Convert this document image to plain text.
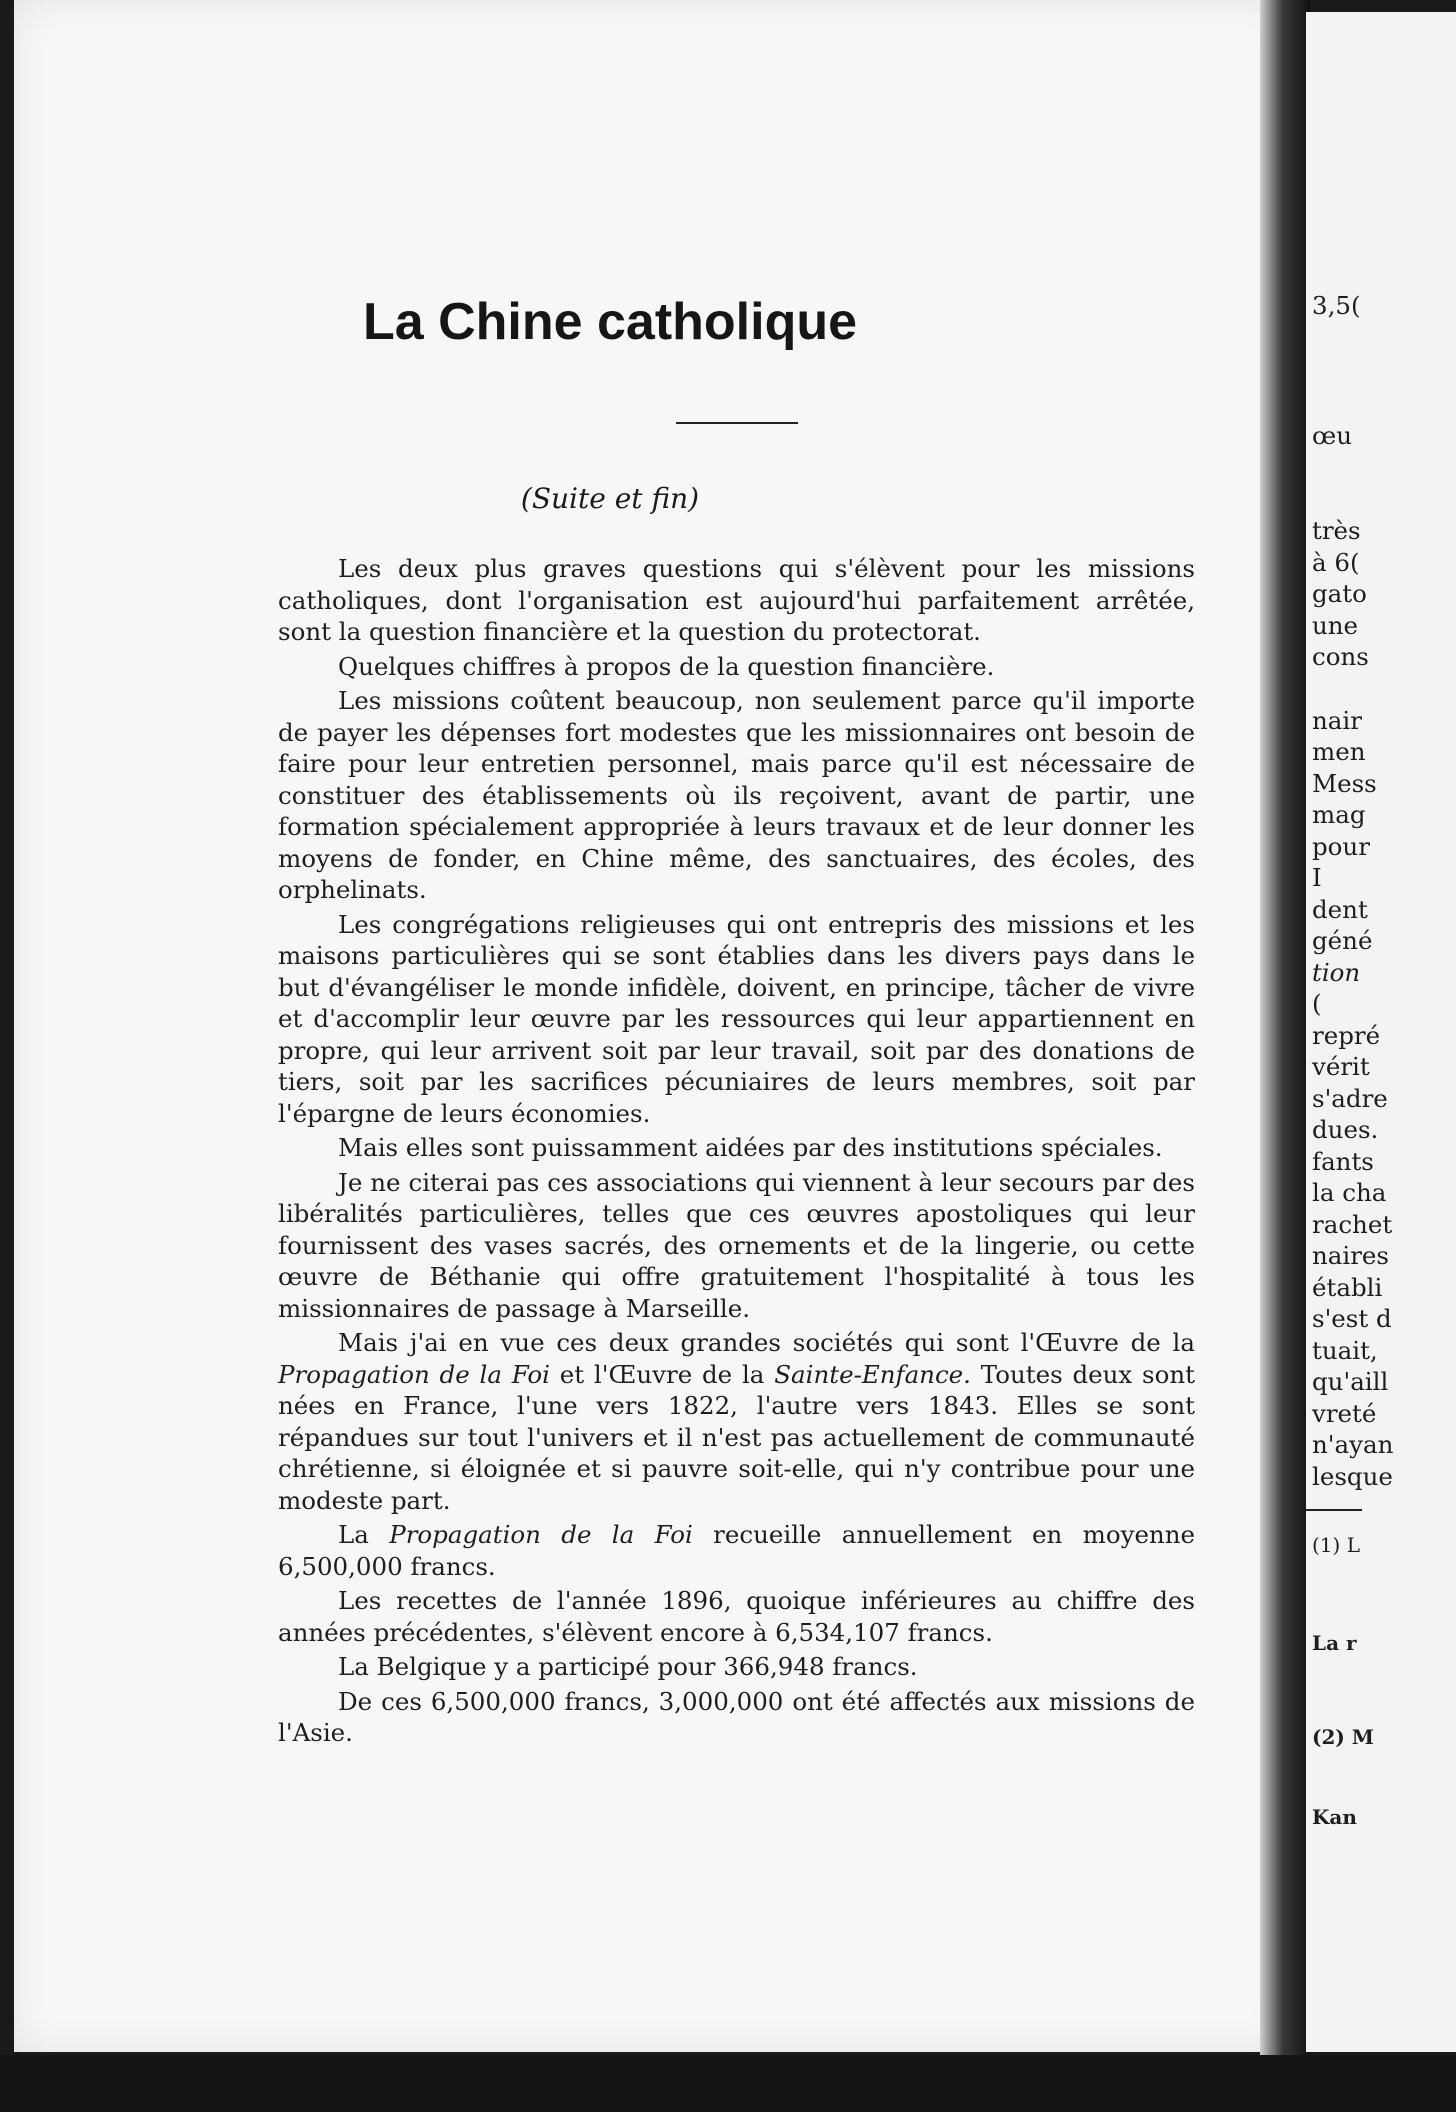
3,5(
œu
très
à 6(
gato
une
cons
nair
men
Mess
mag
pour
I
dent
géné
tion
(
repré
vérit
s'adre
dues.
fants
la cha
rachet
naires
établi
s'est d
tuait,
qu'aill
vreté
n'ayan
lesque
(1) L
La r
(2) M
Kan
La Chine catholique

(Suite et fin)

Les deux plus graves questions qui s'élèvent pour les missions catholiques, dont l'organisation est aujourd'hui parfaitement arrêtée, sont la question financière et la question du protectorat.

Quelques chiffres à propos de la question financière.

Les missions coûtent beaucoup, non seulement parce qu'il importe de payer les dépenses fort modestes que les missionnaires ont besoin de faire pour leur entretien personnel, mais parce qu'il est nécessaire de constituer des établissements où ils reçoivent, avant de partir, une formation spécialement appropriée à leurs travaux et de leur donner les moyens de fonder, en Chine même, des sanctuaires, des écoles, des orphelinats.

Les congrégations religieuses qui ont entrepris des missions et les maisons particulières qui se sont établies dans les divers pays dans le but d'évangéliser le monde infidèle, doivent, en principe, tâcher de vivre et d'accomplir leur œuvre par les ressources qui leur appartiennent en propre, qui leur arrivent soit par leur travail, soit par des donations de tiers, soit par les sacrifices pécuniaires de leurs membres, soit par l'épargne de leurs économies.

Mais elles sont puissamment aidées par des institutions spéciales.

Je ne citerai pas ces associations qui viennent à leur secours par des libéralités particulières, telles que ces œuvres apostoliques qui leur fournissent des vases sacrés, des ornements et de la lingerie, ou cette œuvre de Béthanie qui offre gratuitement l'hospitalité à tous les missionnaires de passage à Marseille.

Mais j'ai en vue ces deux grandes sociétés qui sont l'Œuvre de la Propagation de la Foi et l'Œuvre de la Sainte-Enfance. Toutes deux sont nées en France, l'une vers 1822, l'autre vers 1843. Elles se sont répandues sur tout l'univers et il n'est pas actuellement de communauté chrétienne, si éloignée et si pauvre soit-elle, qui n'y contribue pour une modeste part.

La Propagation de la Foi recueille annuellement en moyenne 6,500,000 francs.

Les recettes de l'année 1896, quoique inférieures au chiffre des années précédentes, s'élèvent encore à 6,534,107 francs.

La Belgique y a participé pour 366,948 francs.

De ces 6,500,000 francs, 3,000,000 ont été affectés aux missions de l'Asie.
